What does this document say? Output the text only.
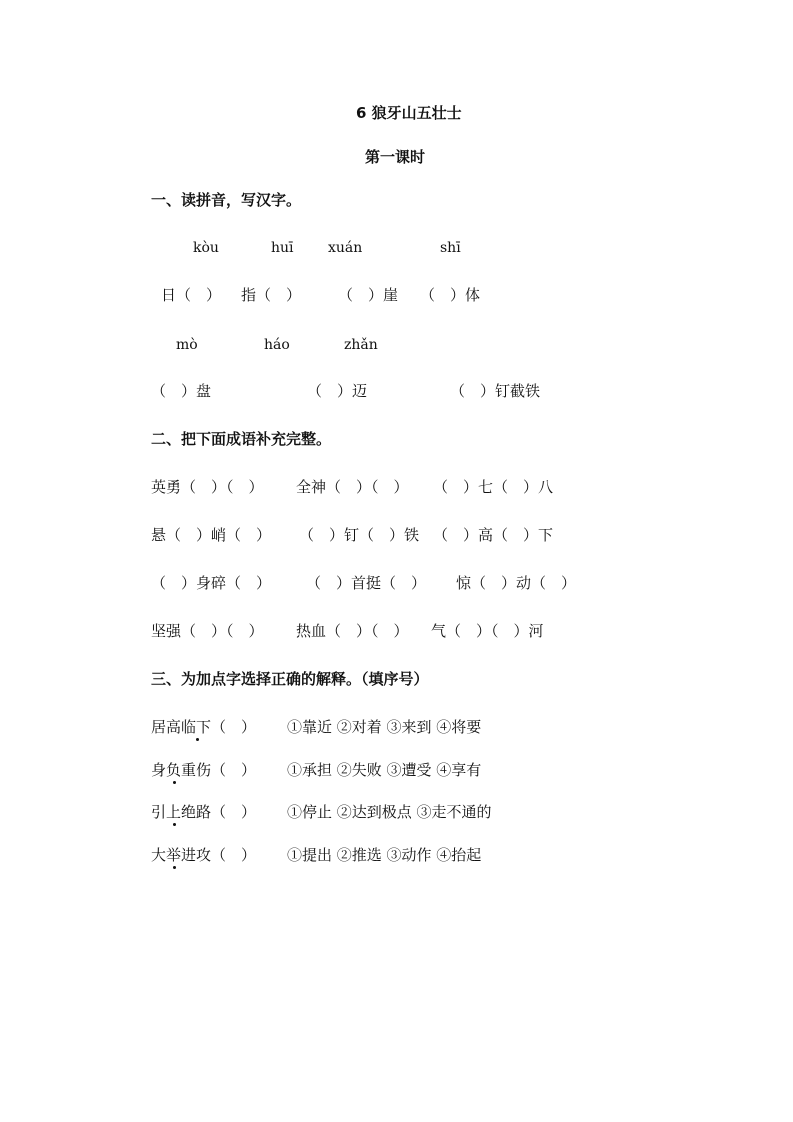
6 狼牙山五壮士
第一课时
一、读拼音，写汉字。
kòu	huī xuán	shī
日（　） 指（　） （　）崖 （　）体
mò	háo	zhǎn
（　）盘	（　）迈	（　）钉截铁
二、把下面成语补充完整。
英勇（　）（　） 全神（　）（　） （　）七（　）八
悬（　）峭（　） （　）钉（　）铁 （　）高（　）下
（　）身碎（　） （　）首挺（　） 惊（　）动（　）
坚强（　）（　） 热血（　）（　） 气（　）（　）河
三、为加点字选择正确的解释。（填序号）
居高临下（　） ①靠近 ②对着 ③来到 ④将要
身负重伤（　） ①承担 ②失败 ③遭受 ④享有
引上绝路（　） ①停止 ②达到极点 ③走不通的
大举进攻（　） ①提出 ②推选 ③动作 ④抬起
